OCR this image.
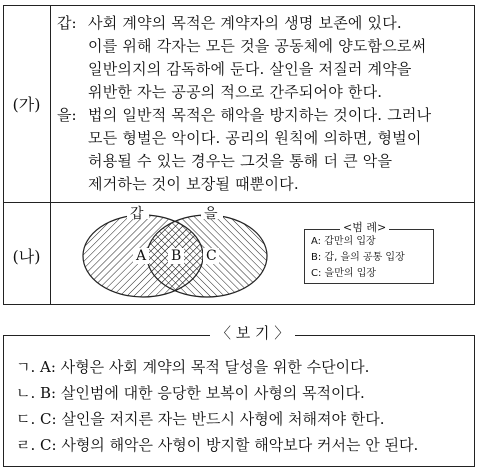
(가)
갑: 사회 계약의 목적은 계약자의 생명 보존에 있다.
이를 위해 각자는 모든 것을 공동체에 양도함으로써
일반의지의 감독하에 둔다. 살인을 저질러 계약을
위반한 자는 공공의 적으로 간주되어야 한다.
을: 법의 일반적 목적은 해악을 방지하는 것이다. 그러나
모든 형벌은 악이다. 공리의 원칙에 의하면, 형벌이
허용될 수 있는 경우는 그것을 통해 더 큰 악을
제거하는 것이 보장될 때뿐이다.
(나)
갑	을
A B C
<범 례>
A: 갑만의 입장
B: 갑, 을의 공통 입장
C: 을만의 입장
〈 보 기 〉
ㄱ. A: 사형은 사회 계약의 목적 달성을 위한 수단이다.
ㄴ. B: 살인범에 대한 응당한 보복이 사형의 목적이다.
ㄷ. C: 살인을 저지른 자는 반드시 사형에 처해져야 한다.
ㄹ. C: 사형의 해악은 사형이 방지할 해악보다 커서는 안 된다.
